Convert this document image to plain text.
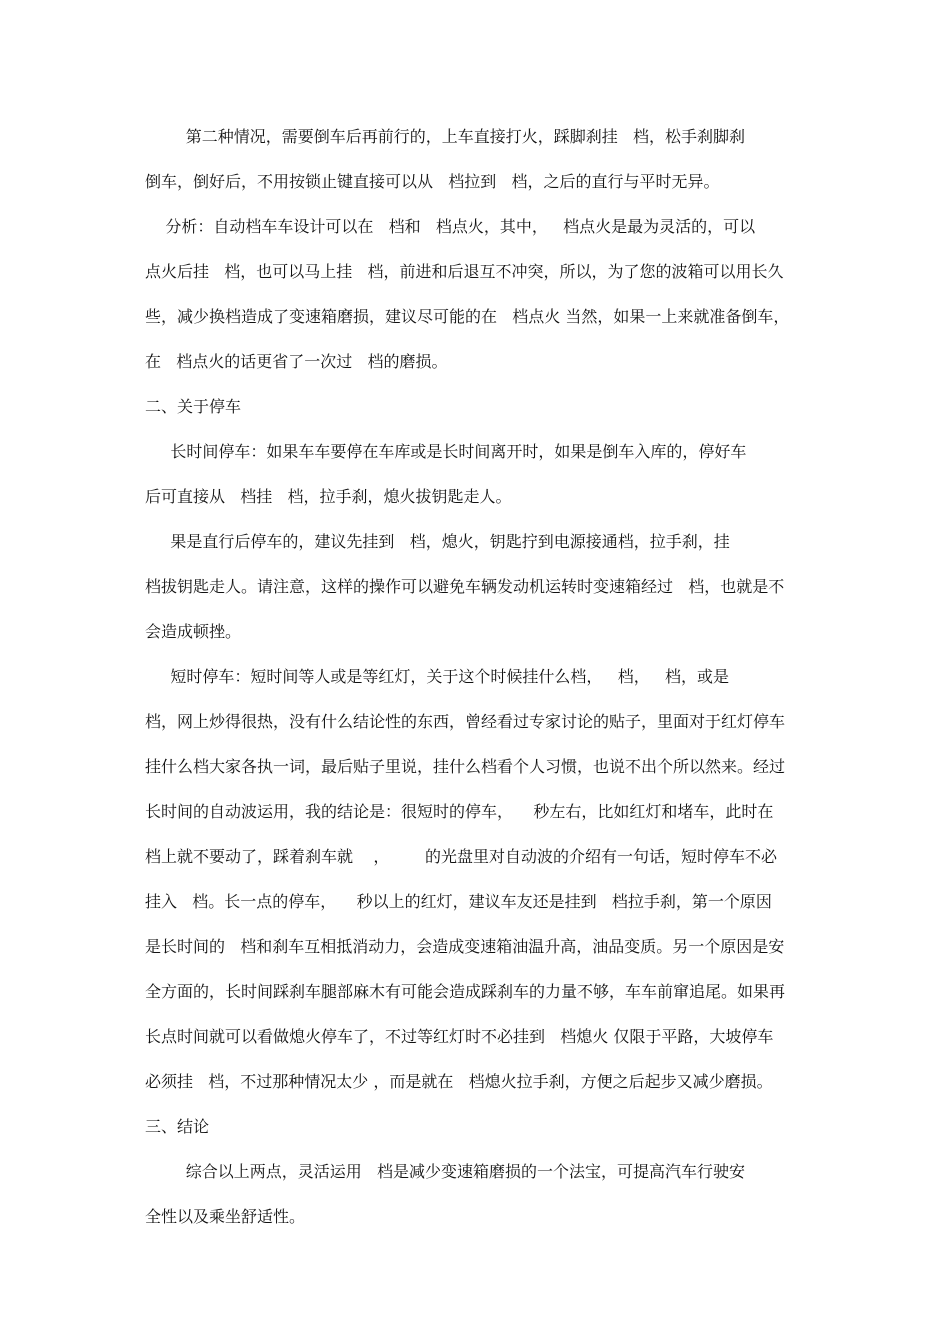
第二种情况，需要倒车后再前行的，上车直接打火，踩脚刹挂   档，松手刹脚刹
倒车，倒好后，不用按锁止键直接可以从   档拉到   档，之后的直行与平时无异。
分析：自动档车车设计可以在   档和   档点火，其中，   档点火是最为灵活的，可以
点火后挂   档，也可以马上挂   档，前进和后退互不冲突，所以，为了您的波箱可以用长久
些，减少换档造成了变速箱磨损，建议尽可能的在   档点火 当然，如果一上来就准备倒车，
在   档点火的话更省了一次过   档的磨损。
二、关于停车
长时间停车：如果车车要停在车库或是长时间离开时，如果是倒车入库的，停好车
后可直接从   档挂   档，拉手刹，熄火拔钥匙走人。
果是直行后停车的，建议先挂到   档，熄火，钥匙拧到电源接通档，拉手刹，挂
档拔钥匙走人。请注意，这样的操作可以避免车辆发动机运转时变速箱经过   档，也就是不
会造成顿挫。
短时停车：短时间等人或是等红灯，关于这个时候挂什么档，   档，   档，或是
档，网上炒得很热，没有什么结论性的东西，曾经看过专家讨论的贴子，里面对于红灯停车
挂什么档大家各执一词，最后贴子里说，挂什么档看个人习惯，也说不出个所以然来。经过
长时间的自动波运用，我的结论是：很短时的停车，    秒左右，比如红灯和堵车，此时在
档上就不要动了，踩着刹车就    ，       的光盘里对自动波的介绍有一句话，短时停车不必
挂入   档。长一点的停车，    秒以上的红灯，建议车友还是挂到   档拉手刹，第一个原因
是长时间的   档和刹车互相抵消动力，会造成变速箱油温升高，油品变质。另一个原因是安
全方面的，长时间踩刹车腿部麻木有可能会造成踩刹车的力量不够，车车前窜追尾。如果再
长点时间就可以看做熄火停车了，不过等红灯时不必挂到   档熄火 仅限于平路，大坡停车
必须挂   档，不过那种情况太少 ，而是就在   档熄火拉手刹，方便之后起步又减少磨损。
三、结论
综合以上两点，灵活运用   档是减少变速箱磨损的一个法宝，可提高汽车行驶安
全性以及乘坐舒适性。
